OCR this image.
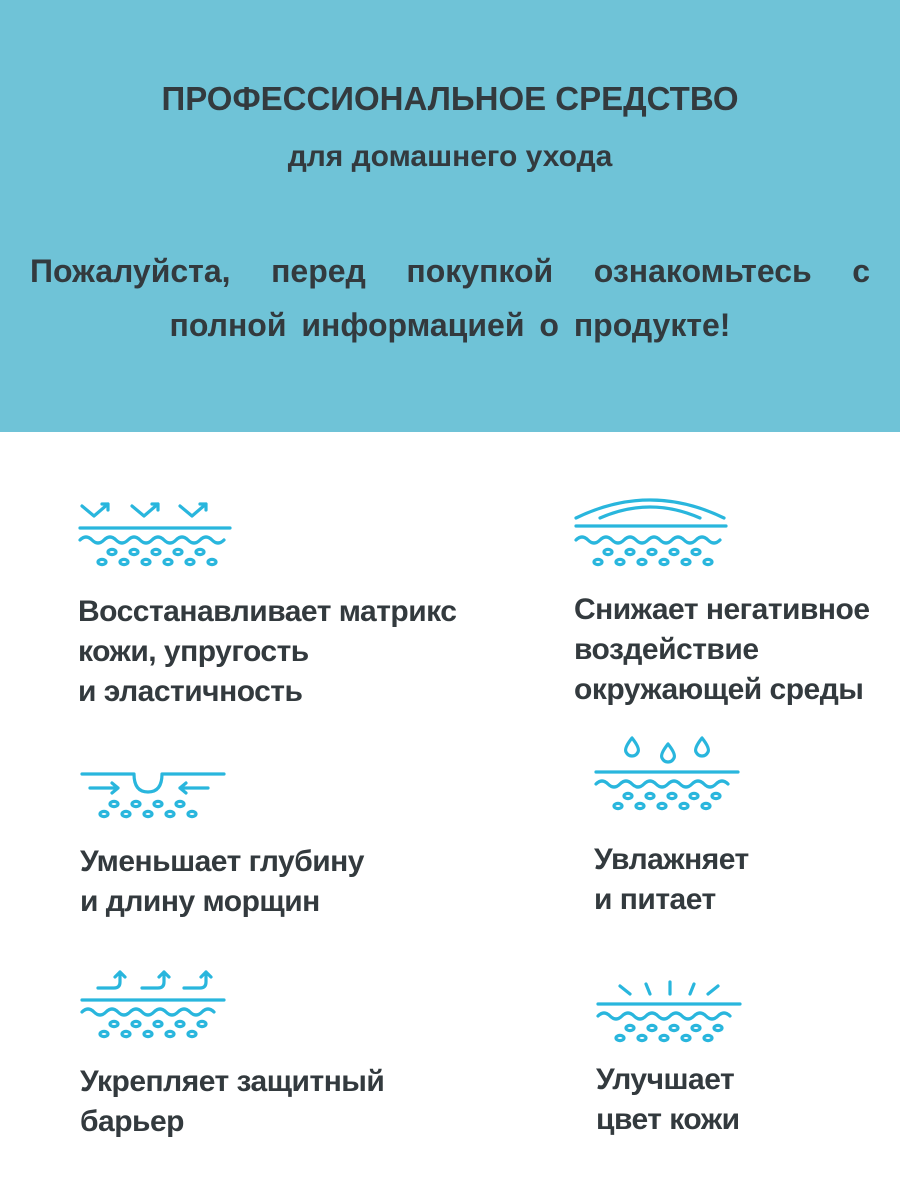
ПРОФЕССИОНАЛЬНОЕ СРЕДСТВО
для домашнего ухода
Пожалуйста, перед покупкой ознакомьтесь с
полной информацией о продукте!
Восстанавливает матрикс
кожи, упругость
и эластичность
Снижает негативное
воздействие
окружающей среды
Уменьшает глубину
и длину морщин
Увлажняет
и питает
Укрепляет защитный
барьер
Улучшает
цвет кожи
